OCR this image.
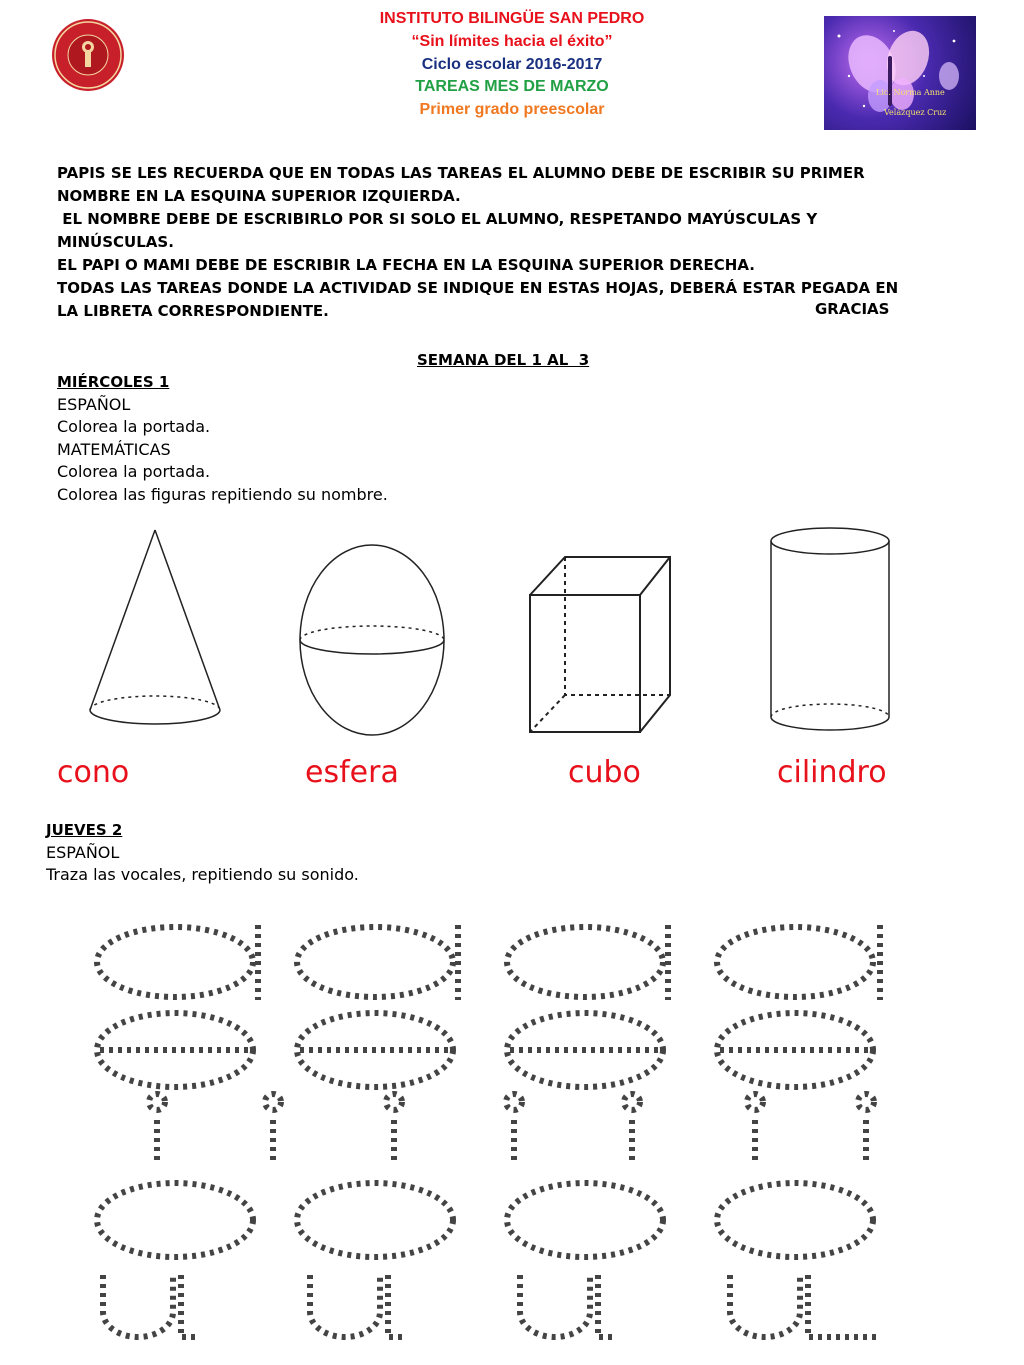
INSTITUTO BILINGÜE SAN PEDRO
“Sin límites hacia el éxito”
Ciclo escolar 2016-2017
TAREAS MES DE MARZO
Primer grado preescolar
Lic. Norma Anne
Velázquez Cruz
PAPIS SE LES RECUERDA QUE EN TODAS LAS TAREAS EL ALUMNO DEBE DE ESCRIBIR SU PRIMER
NOMBRE EN LA ESQUINA SUPERIOR IZQUIERDA.
EL NOMBRE DEBE DE ESCRIBIRLO POR SI SOLO EL ALUMNO, RESPETANDO MAYÚSCULAS Y
MINÚSCULAS.
EL PAPI O MAMI DEBE DE ESCRIBIR LA FECHA EN LA ESQUINA SUPERIOR DERECHA.
TODAS LAS TAREAS DONDE LA ACTIVIDAD SE INDIQUE EN ESTAS HOJAS, DEBERÁ ESTAR PEGADA EN
LA LIBRETA CORRESPONDIENTE.	GRACIAS
SEMANA DEL 1 AL  3
MIÉRCOLES 1
ESPAÑOL
Colorea la portada.
MATEMÁTICAS
Colorea la portada.
Colorea las figuras repitiendo su nombre.
cono	esfera	cubo	cilindro
JUEVES 2
ESPAÑOL
Traza las vocales, repitiendo su sonido.
